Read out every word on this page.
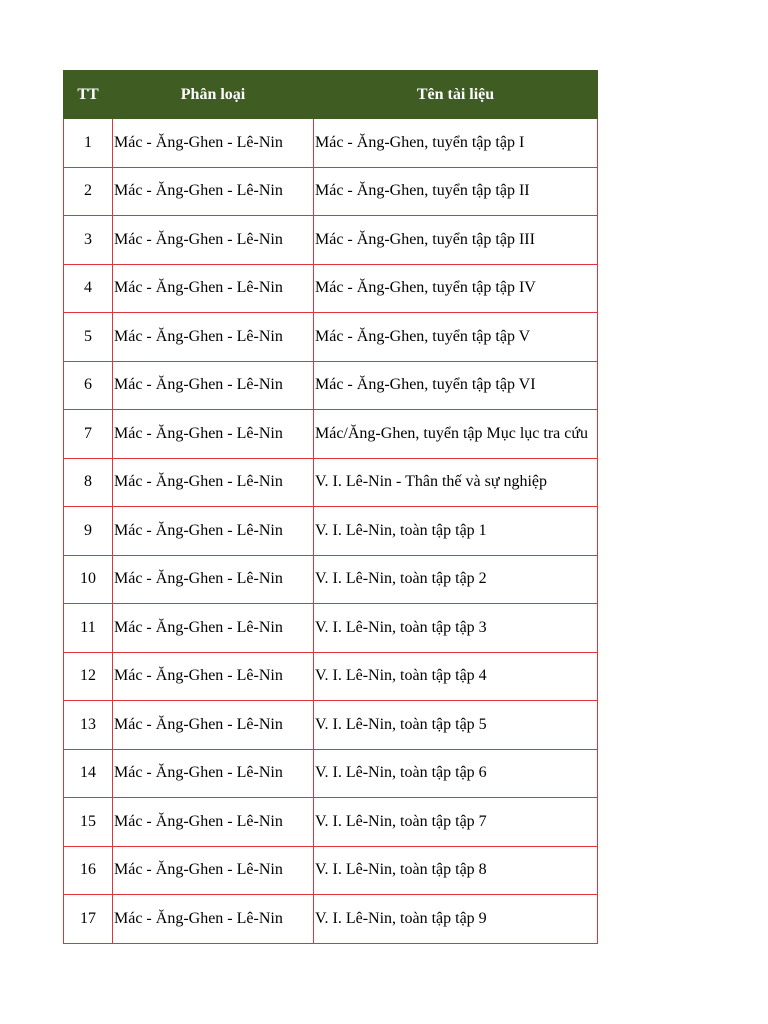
TT	Phân loại	Tên tài liệu
1	Mác - Ăng-Ghen - Lê-Nin	Mác - Ăng-Ghen, tuyển tập tập I
2	Mác - Ăng-Ghen - Lê-Nin	Mác - Ăng-Ghen, tuyển tập tập II
3	Mác - Ăng-Ghen - Lê-Nin	Mác - Ăng-Ghen, tuyển tập tập III
4	Mác - Ăng-Ghen - Lê-Nin	Mác - Ăng-Ghen, tuyển tập tập IV
5	Mác - Ăng-Ghen - Lê-Nin	Mác - Ăng-Ghen, tuyển tập tập V
6	Mác - Ăng-Ghen - Lê-Nin	Mác - Ăng-Ghen, tuyển tập tập VI
7	Mác - Ăng-Ghen - Lê-Nin	Mác/Ăng-Ghen, tuyển tập Mục lục tra cứu
8	Mác - Ăng-Ghen - Lê-Nin	V. I. Lê-Nin - Thân thế và sự nghiệp
9	Mác - Ăng-Ghen - Lê-Nin	V. I. Lê-Nin, toàn tập tập 1
10	Mác - Ăng-Ghen - Lê-Nin	V. I. Lê-Nin, toàn tập tập 2
11	Mác - Ăng-Ghen - Lê-Nin	V. I. Lê-Nin, toàn tập tập 3
12	Mác - Ăng-Ghen - Lê-Nin	V. I. Lê-Nin, toàn tập tập 4
13	Mác - Ăng-Ghen - Lê-Nin	V. I. Lê-Nin, toàn tập tập 5
14	Mác - Ăng-Ghen - Lê-Nin	V. I. Lê-Nin, toàn tập tập 6
15	Mác - Ăng-Ghen - Lê-Nin	V. I. Lê-Nin, toàn tập tập 7
16	Mác - Ăng-Ghen - Lê-Nin	V. I. Lê-Nin, toàn tập tập 8
17	Mác - Ăng-Ghen - Lê-Nin	V. I. Lê-Nin, toàn tập tập 9
